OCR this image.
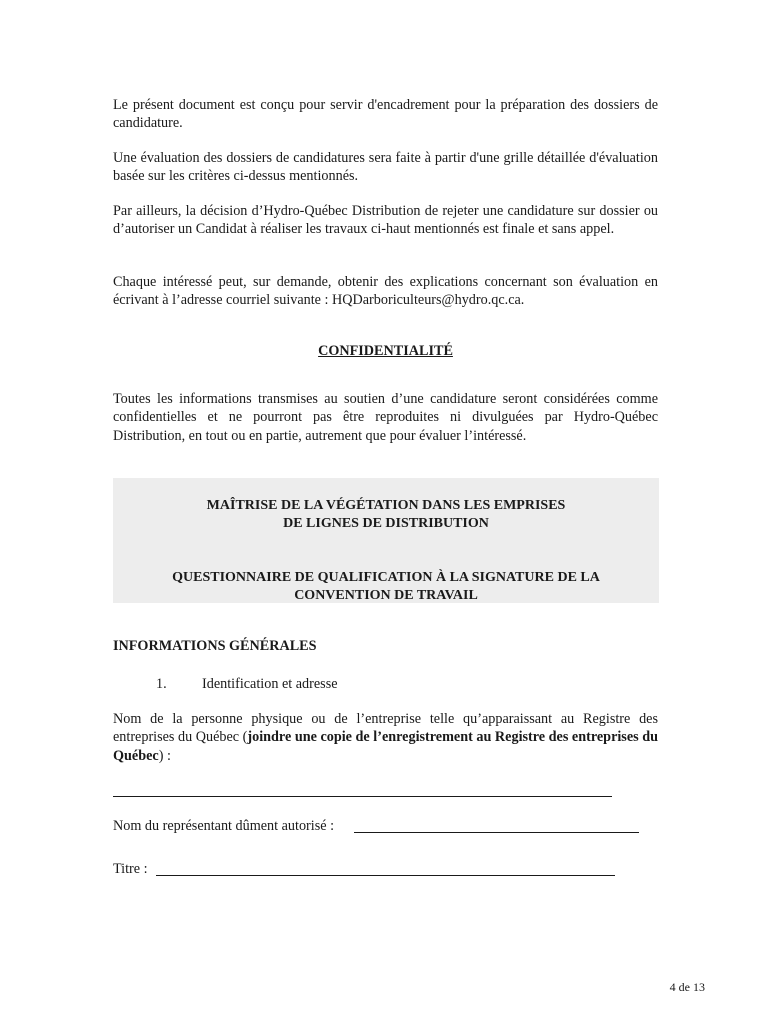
Le présent document est conçu pour servir d'encadrement pour la préparation des dossiers de candidature.

Une évaluation des dossiers de candidatures sera faite à partir d'une grille détaillée d'évaluation basée sur les critères ci-dessus mentionnés.

Par ailleurs, la décision d’Hydro-Québec Distribution de rejeter une candidature sur dossier ou d’autoriser un Candidat à réaliser les travaux ci-haut mentionnés est finale et sans appel.

Chaque intéressé peut, sur demande, obtenir des explications concernant son évaluation en écrivant à l’adresse courriel suivante : HQDarboriculteurs@hydro.qc.ca.

CONFIDENTIALITÉ

Toutes les informations transmises au soutien d’une candidature seront considérées comme confidentielles et ne pourront pas être reproduites ni divulguées par Hydro-Québec Distribution, en tout ou en partie, autrement que pour évaluer l’intéressé.

MAÎTRISE DE LA VÉGÉTATION DANS LES EMPRISES

DE LIGNES DE DISTRIBUTION

QUESTIONNAIRE DE QUALIFICATION À LA SIGNATURE DE LA

CONVENTION DE TRAVAIL

INFORMATIONS GÉNÉRALES

1. Identification et adresse

Nom de la personne physique ou de l’entreprise telle qu’apparaissant au Registre des entreprises du Québec (joindre une copie de l’enregistrement au Registre des entreprises du Québec) :

Nom du représentant dûment autorisé :

Titre :

4 de 13
